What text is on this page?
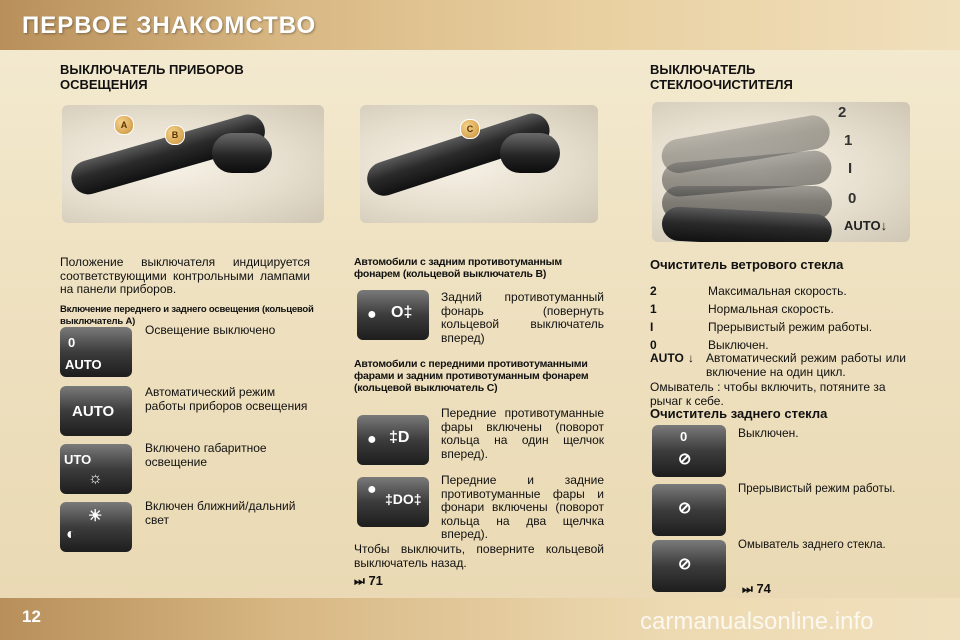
ПЕРВОЕ ЗНАКОМСТВО
12	carmanualsonline.info
ВЫКЛЮЧАТЕЛЬ ПРИБОРОВ
ОСВЕЩЕНИЯ
A
B
Положение выключателя индицируется соответствующими контрольными лампами на панели приборов.
Включение переднего и заднего освещения (кольцевой выключатель A)
0
AUTO
Освещение выключено
AUTO
Автоматический режим работы приборов освещения
UTO
☼
Включено габаритное освещение
☀
◐
Включен ближний/дальний свет
C
Автомобили с задним противотуманным фонарем (кольцевой выключатель B)
● O‡
Задний противотуманный фонарь (повернуть кольцевой выключатель вперед)
Автомобили с передними противотуманными фарами и задним противотуманным фонарем (кольцевой выключатель C)
● ‡D
Передние противотуманные фары включены (поворот кольца на один щелчок вперед).
●
‡DO‡
Передние и задние противотуманные фары и фонари включены (поворот кольца на два щелчка вперед).
Чтобы выключить, поверните кольцевой выключатель назад.
⏭ 71
ВЫКЛЮЧАТЕЛЬ
СТЕКЛООЧИСТИТЕЛЯ
2
1
I
0
AUTO↓
Очиститель ветрового стекла
2	Максимальная скорость.
1	Нормальная скорость.
I	Прерывистый режим работы.
0	Выключен.
AUTO ↓	Автоматический режим работы или включение на один цикл.
Омыватель : чтобы включить, потяните за рычаг к себе.
Очиститель заднего стекла
0
⊘
Выключен.
⊘
Прерывистый режим работы.
⊘
Омыватель заднего стекла.
⏭ 74
